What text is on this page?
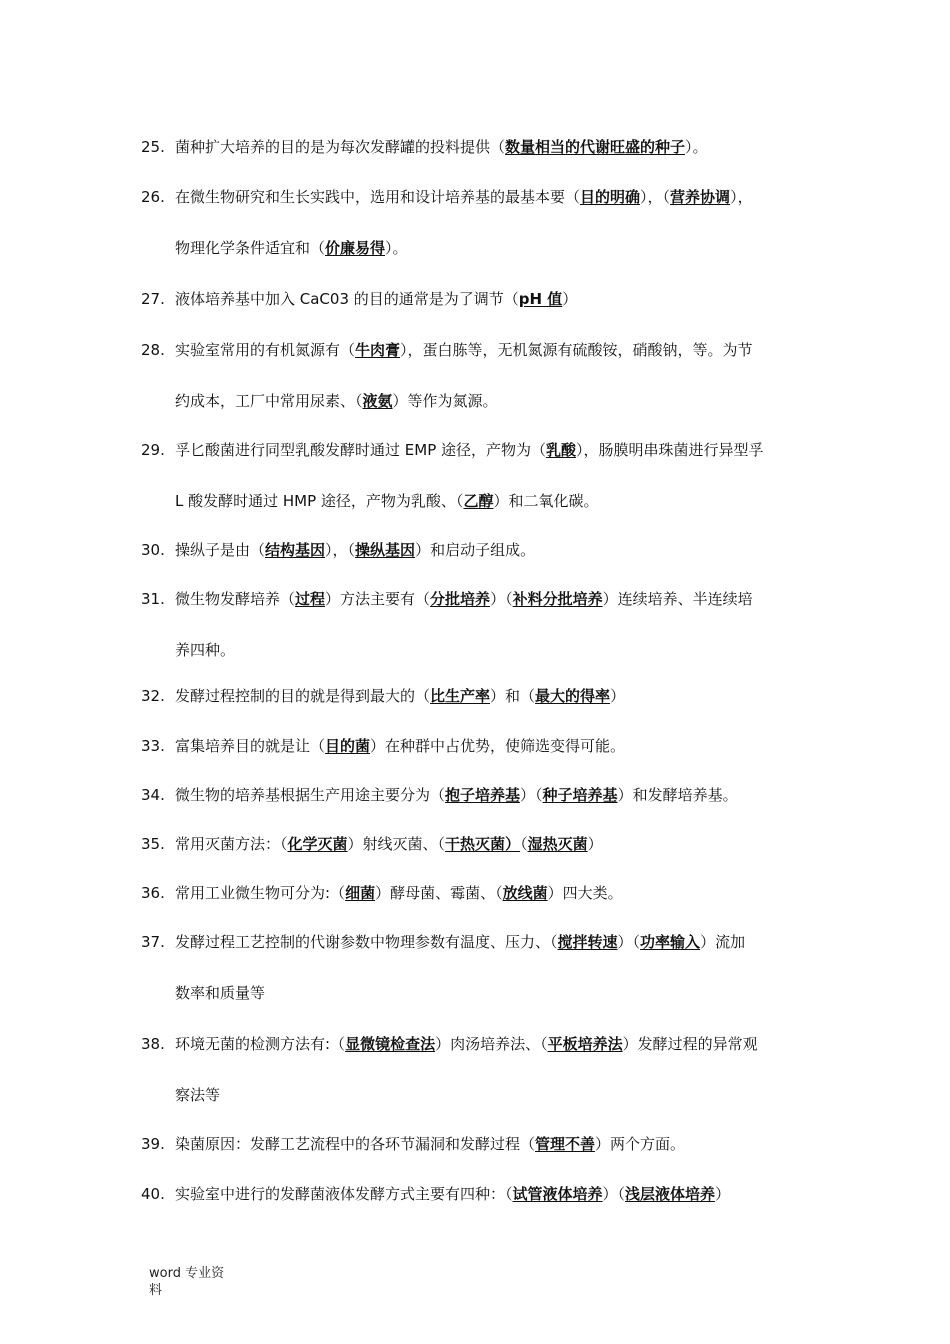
25. 菌种扩大培养的目的是为每次发酵罐的投料提供（数量相当的代谢旺盛的种子）。
26. 在微生物研究和生长实践中，选用和设计培养基的最基本要（目的明确），（营养协调），
物理化学条件适宜和（价廉易得）。
27. 液体培养基中加入 CaC03 的目的通常是为了调节（pH 值）
28. 实验室常用的有机氮源有（牛肉膏），蛋白胨等，无机氮源有硫酸铵，硝酸钠，等。为节
约成本，工厂中常用尿素、（液氨）等作为氮源。
29. 孚匕酸菌进行同型乳酸发酵时通过 EMP 途径，产物为（乳酸），肠膜明串珠菌进行异型孚
L 酸发酵时通过 HMP 途径，产物为乳酸、（乙醇）和二氧化碳。
30. 操纵子是由（结构基因），（操纵基因）和启动子组成。
31. 微生物发酵培养（过程）方法主要有（分批培养）（补料分批培养）连续培养、半连续培
养四种。
32. 发酵过程控制的目的就是得到最大的（比生产率）和（最大的得率）
33. 富集培养目的就是让（目的菌）在种群中占优势，使筛选变得可能。
34. 微生物的培养基根据生产用途主要分为（抱子培养基）（种子培养基）和发酵培养基。
35. 常用灭菌方法：（化学灭菌）射线灭菌、（干热灭菌）（湿热灭菌）
36. 常用工业微生物可分为:（细菌）酵母菌、霉菌、（放线菌）四大类。
37. 发酵过程工艺控制的代谢参数中物理参数有温度、压力、（搅拌转速）（功率输入）流加
数率和质量等
38. 环境无菌的检测方法有:（显微镜检查法）肉汤培养法、（平板培养法）发酵过程的异常观
察法等
39. 染菌原因：发酵工艺流程中的各环节漏洞和发酵过程（管理不善）两个方面。
40. 实验室中进行的发酵菌液体发酵方式主要有四种：（试管液体培养）（浅层液体培养）
word 专业资
料
